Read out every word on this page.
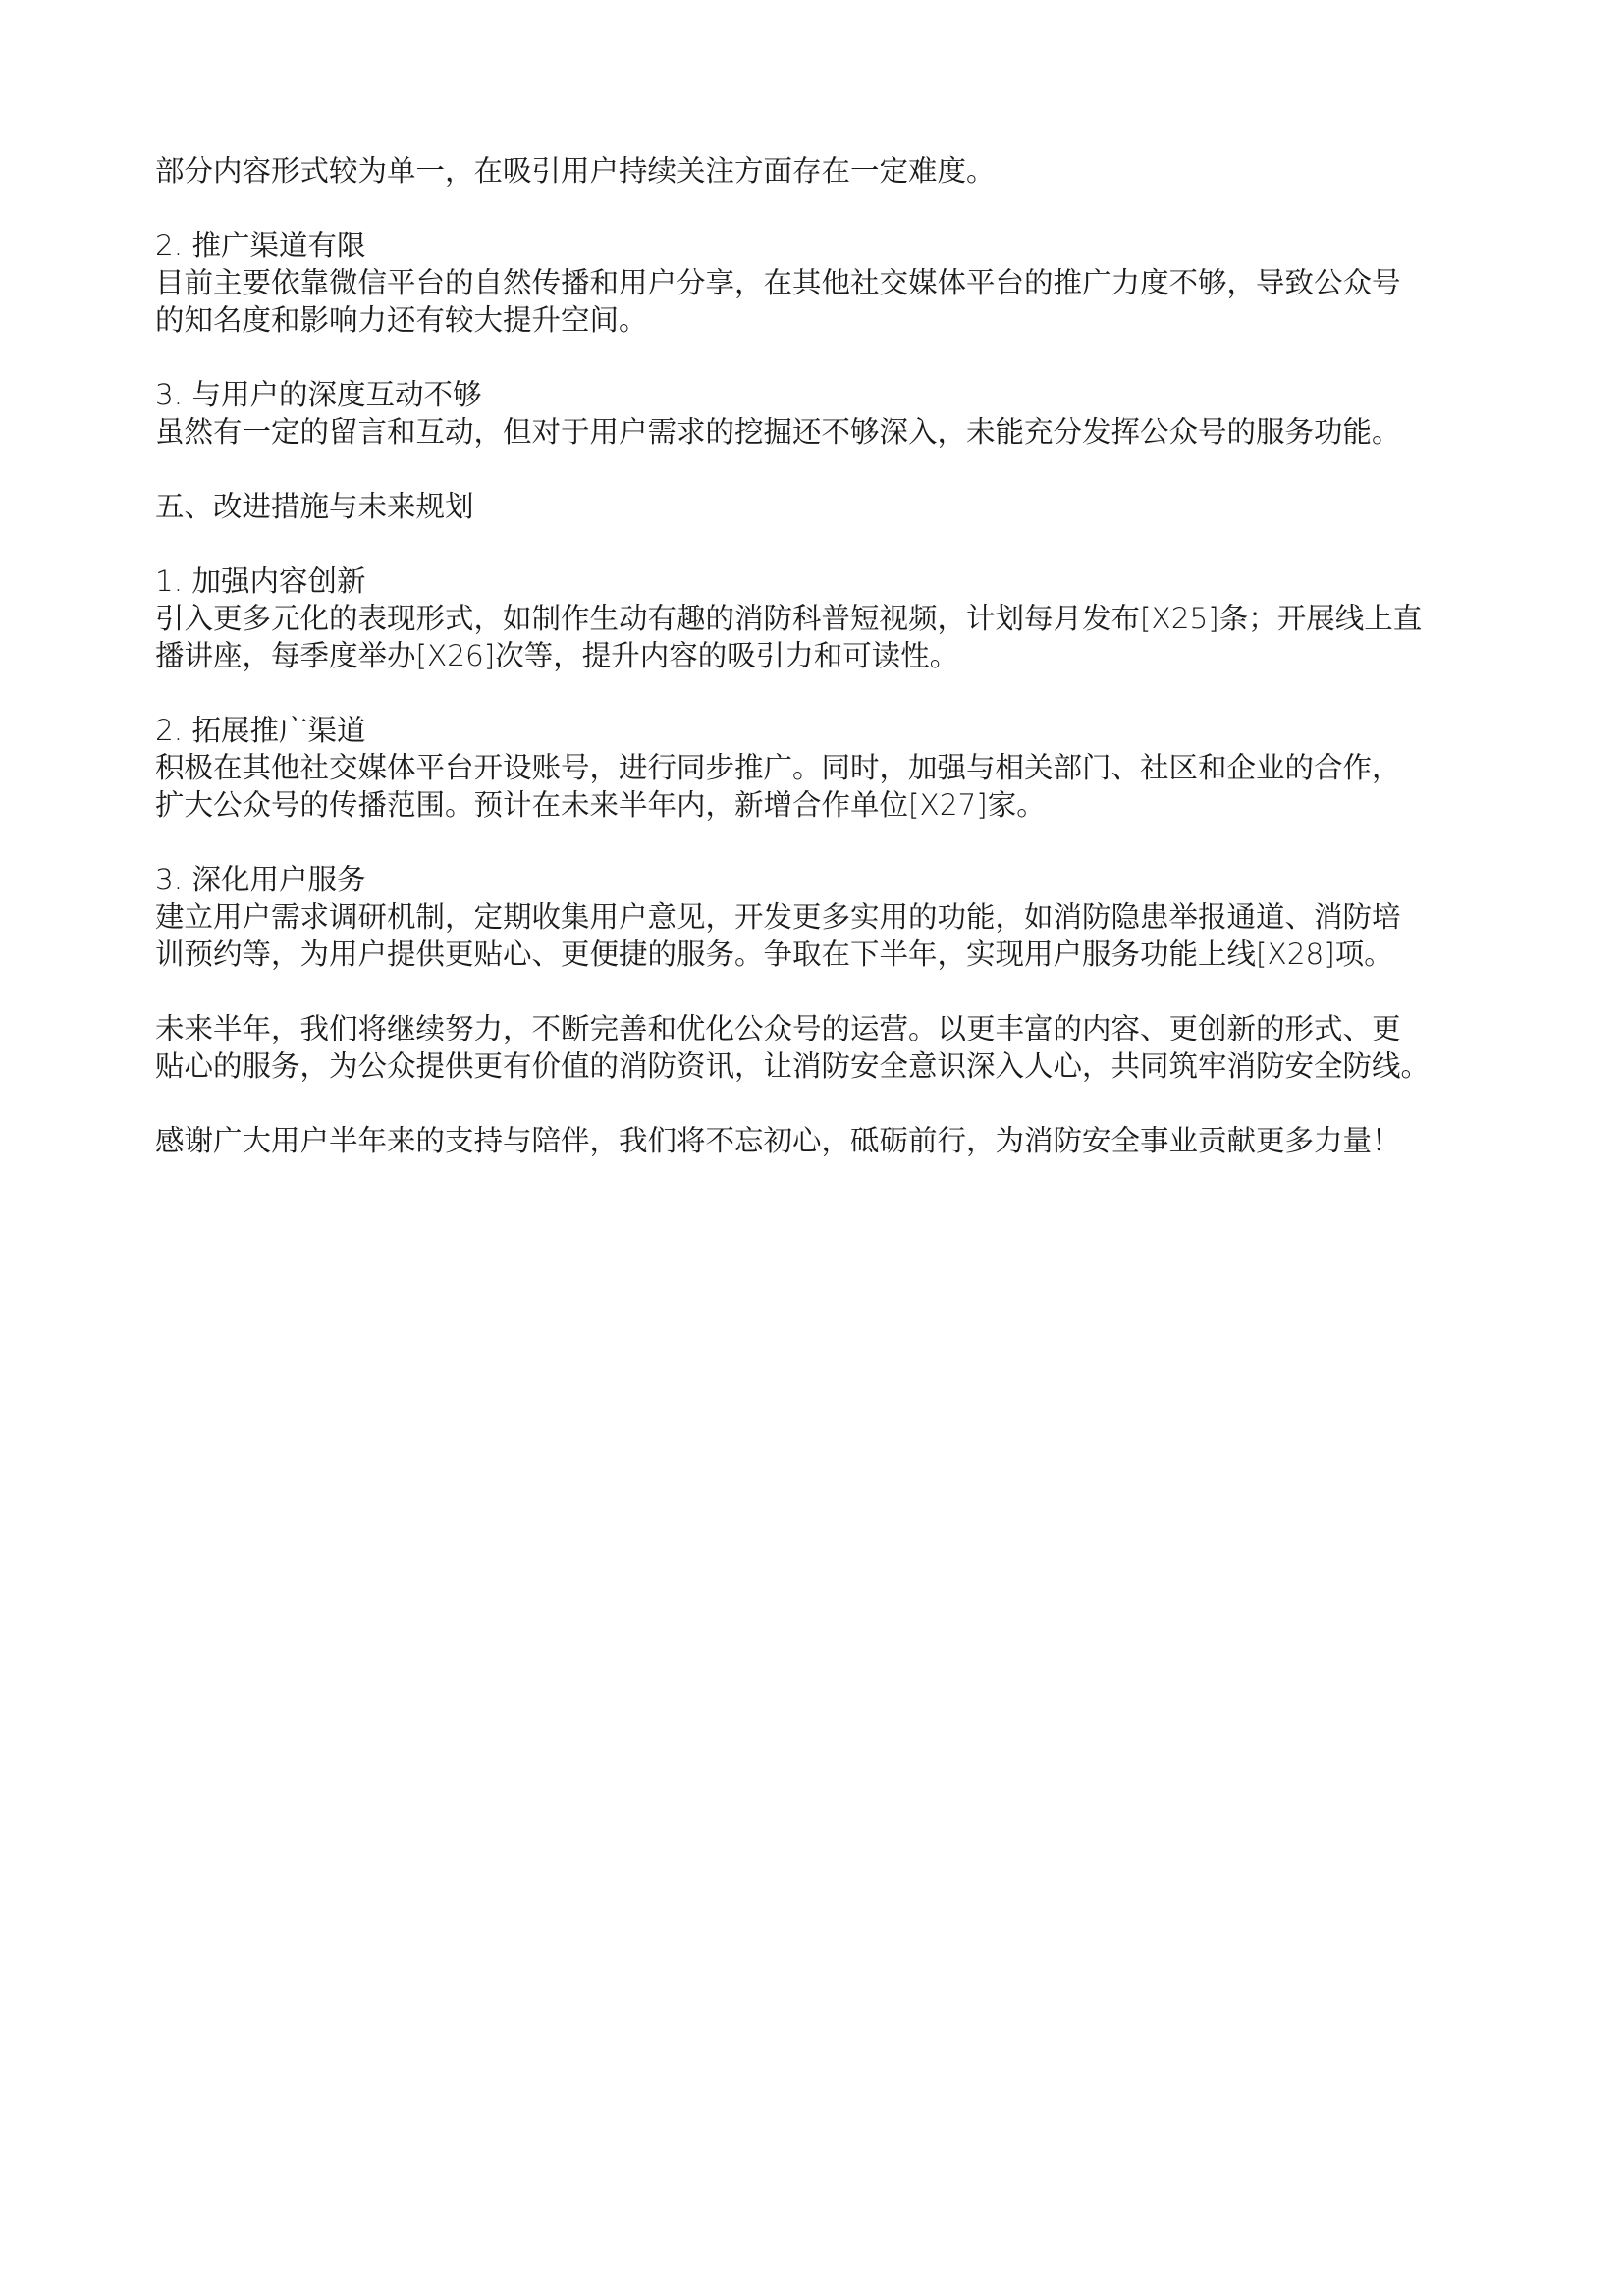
部分内容形式较为单一，在吸引用户持续关注方面存在一定难度。

2. 推广渠道有限
目前主要依靠微信平台的自然传播和用户分享，在其他社交媒体平台的推广力度不够，导致公众号
的知名度和影响力还有较大提升空间。

3. 与用户的深度互动不够
虽然有一定的留言和互动，但对于用户需求的挖掘还不够深入，未能充分发挥公众号的服务功能。

五、改进措施与未来规划

1. 加强内容创新
引入更多元化的表现形式，如制作生动有趣的消防科普短视频，计划每月发布[X25]条；开展线上直
播讲座，每季度举办[X26]次等，提升内容的吸引力和可读性。

2. 拓展推广渠道
积极在其他社交媒体平台开设账号，进行同步推广。同时，加强与相关部门、社区和企业的合作，
扩大公众号的传播范围。预计在未来半年内，新增合作单位[X27]家。

3. 深化用户服务
建立用户需求调研机制，定期收集用户意见，开发更多实用的功能，如消防隐患举报通道、消防培
训预约等，为用户提供更贴心、更便捷的服务。争取在下半年，实现用户服务功能上线[X28]项。

未来半年，我们将继续努力，不断完善和优化公众号的运营。以更丰富的内容、更创新的形式、更
贴心的服务，为公众提供更有价值的消防资讯，让消防安全意识深入人心，共同筑牢消防安全防线。

感谢广大用户半年来的支持与陪伴，我们将不忘初心，砥砺前行，为消防安全事业贡献更多力量！
